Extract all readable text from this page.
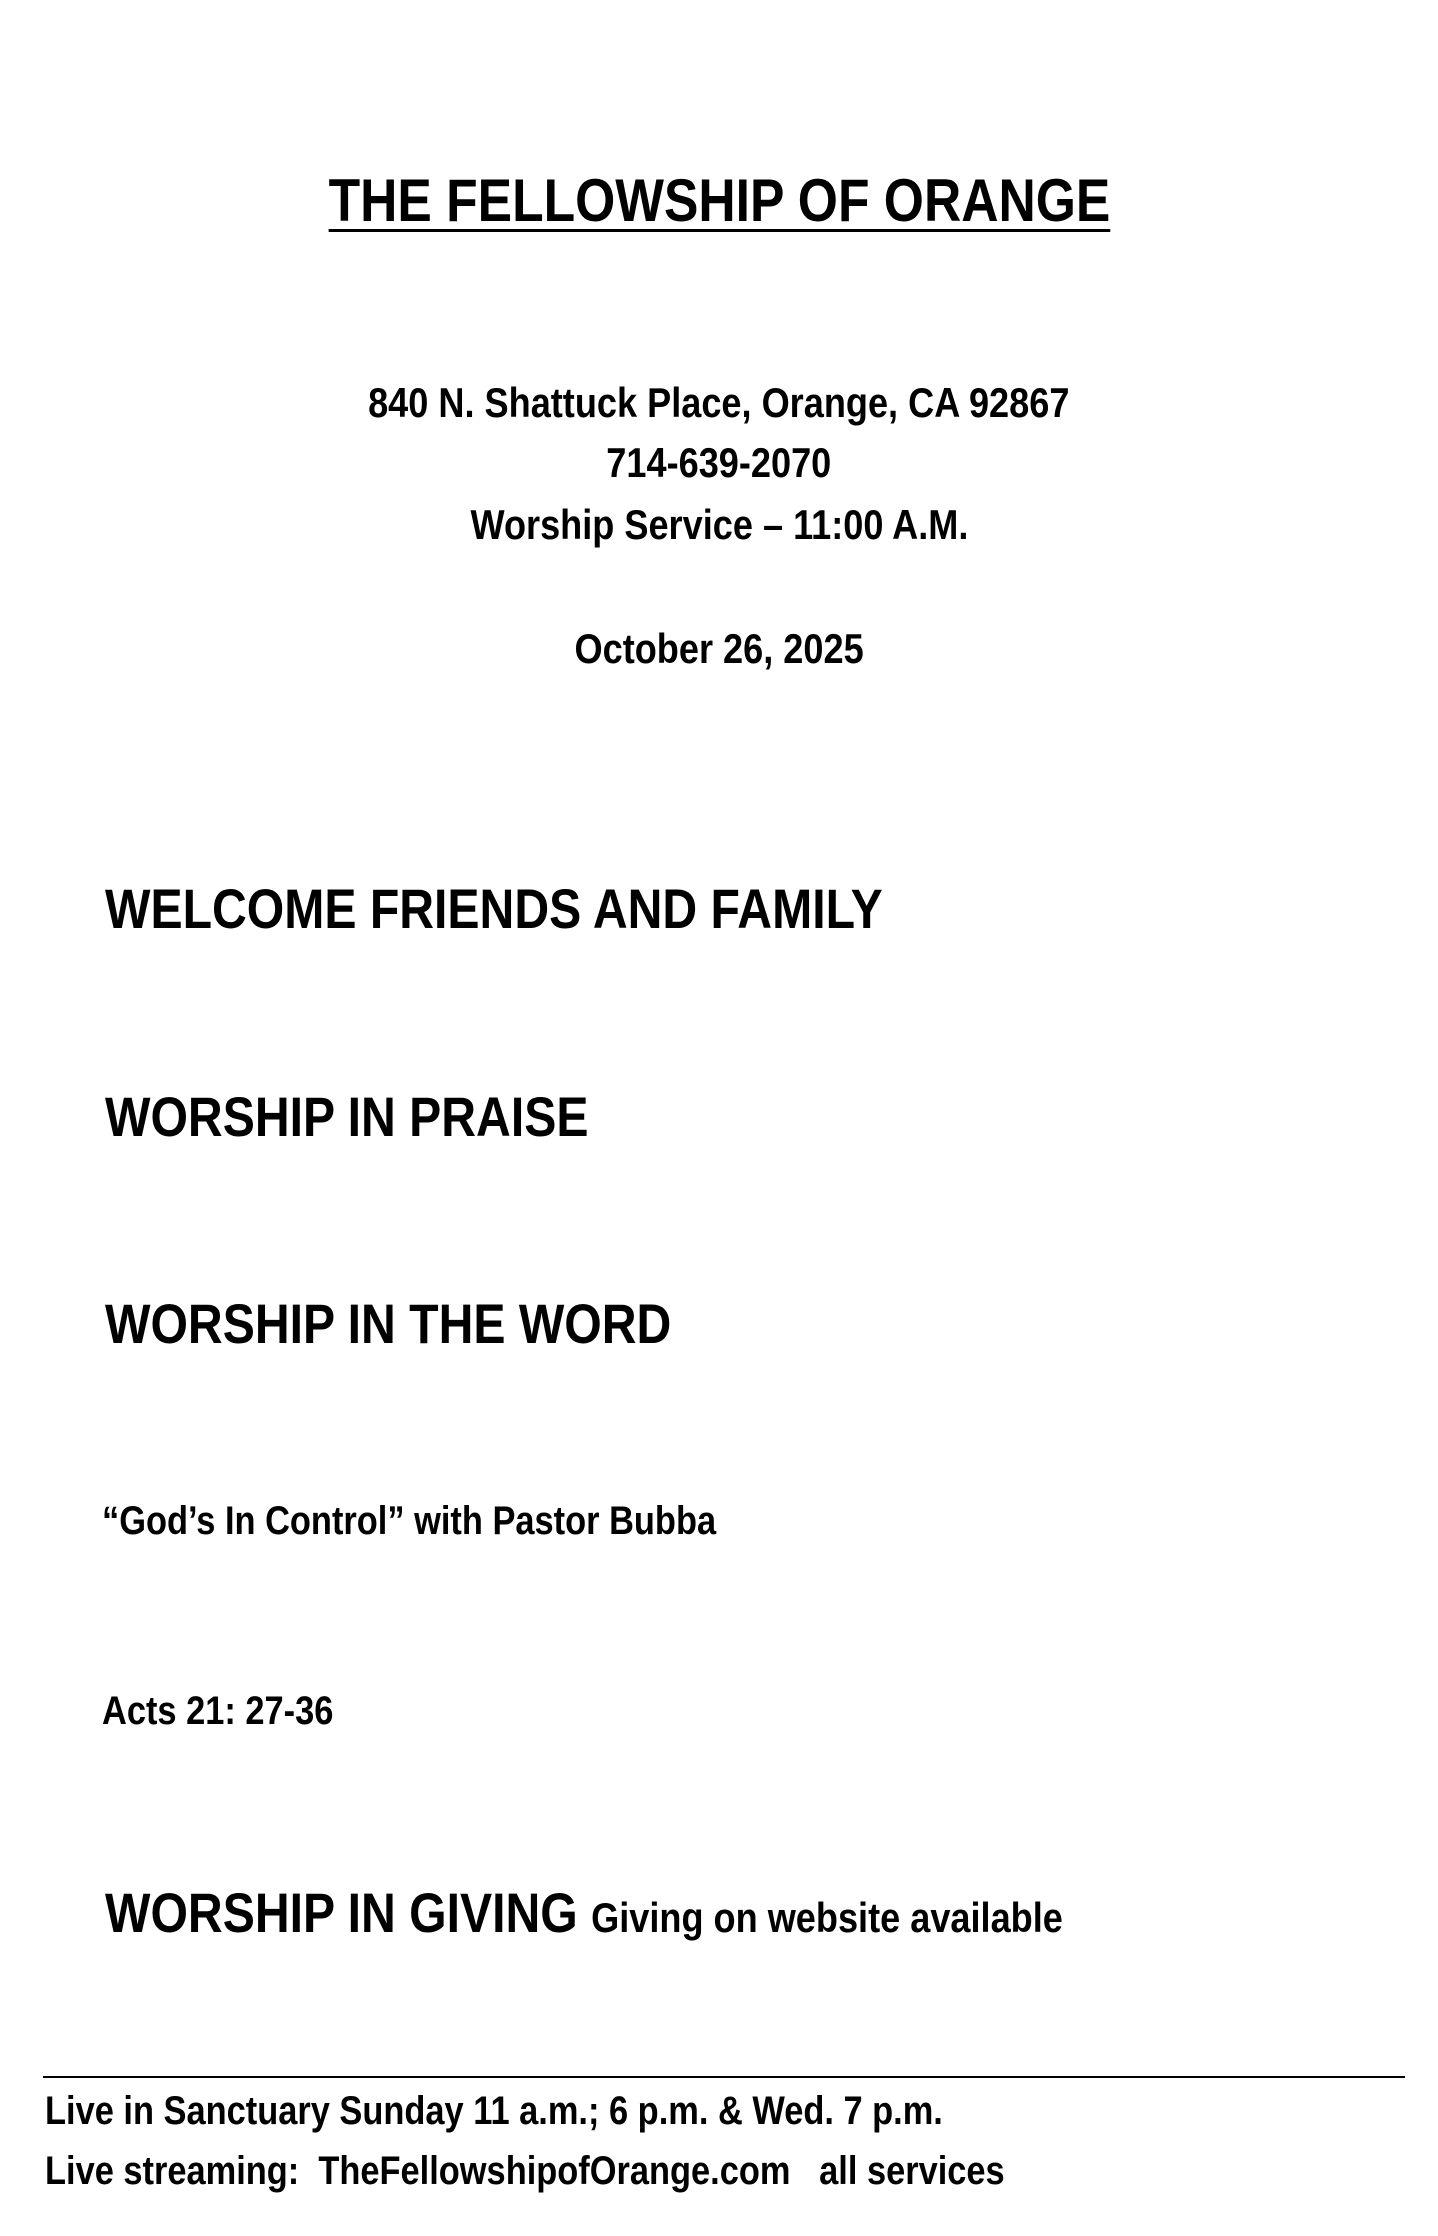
THE FELLOWSHIP OF ORANGE
840 N. Shattuck Place, Orange, CA 92867
714-639-2070
Worship Service – 11:00 A.M.
October 26, 2025
WELCOME FRIENDS AND FAMILY
WORSHIP IN PRAISE
WORSHIP IN THE WORD
“God’s In Control” with Pastor Bubba
Acts 21: 27-36
WORSHIP IN GIVING Giving on website available
Live in Sanctuary Sunday 11 a.m.; 6 p.m. & Wed. 7 p.m.
Live streaming:  TheFellowshipofOrange.com   all services
